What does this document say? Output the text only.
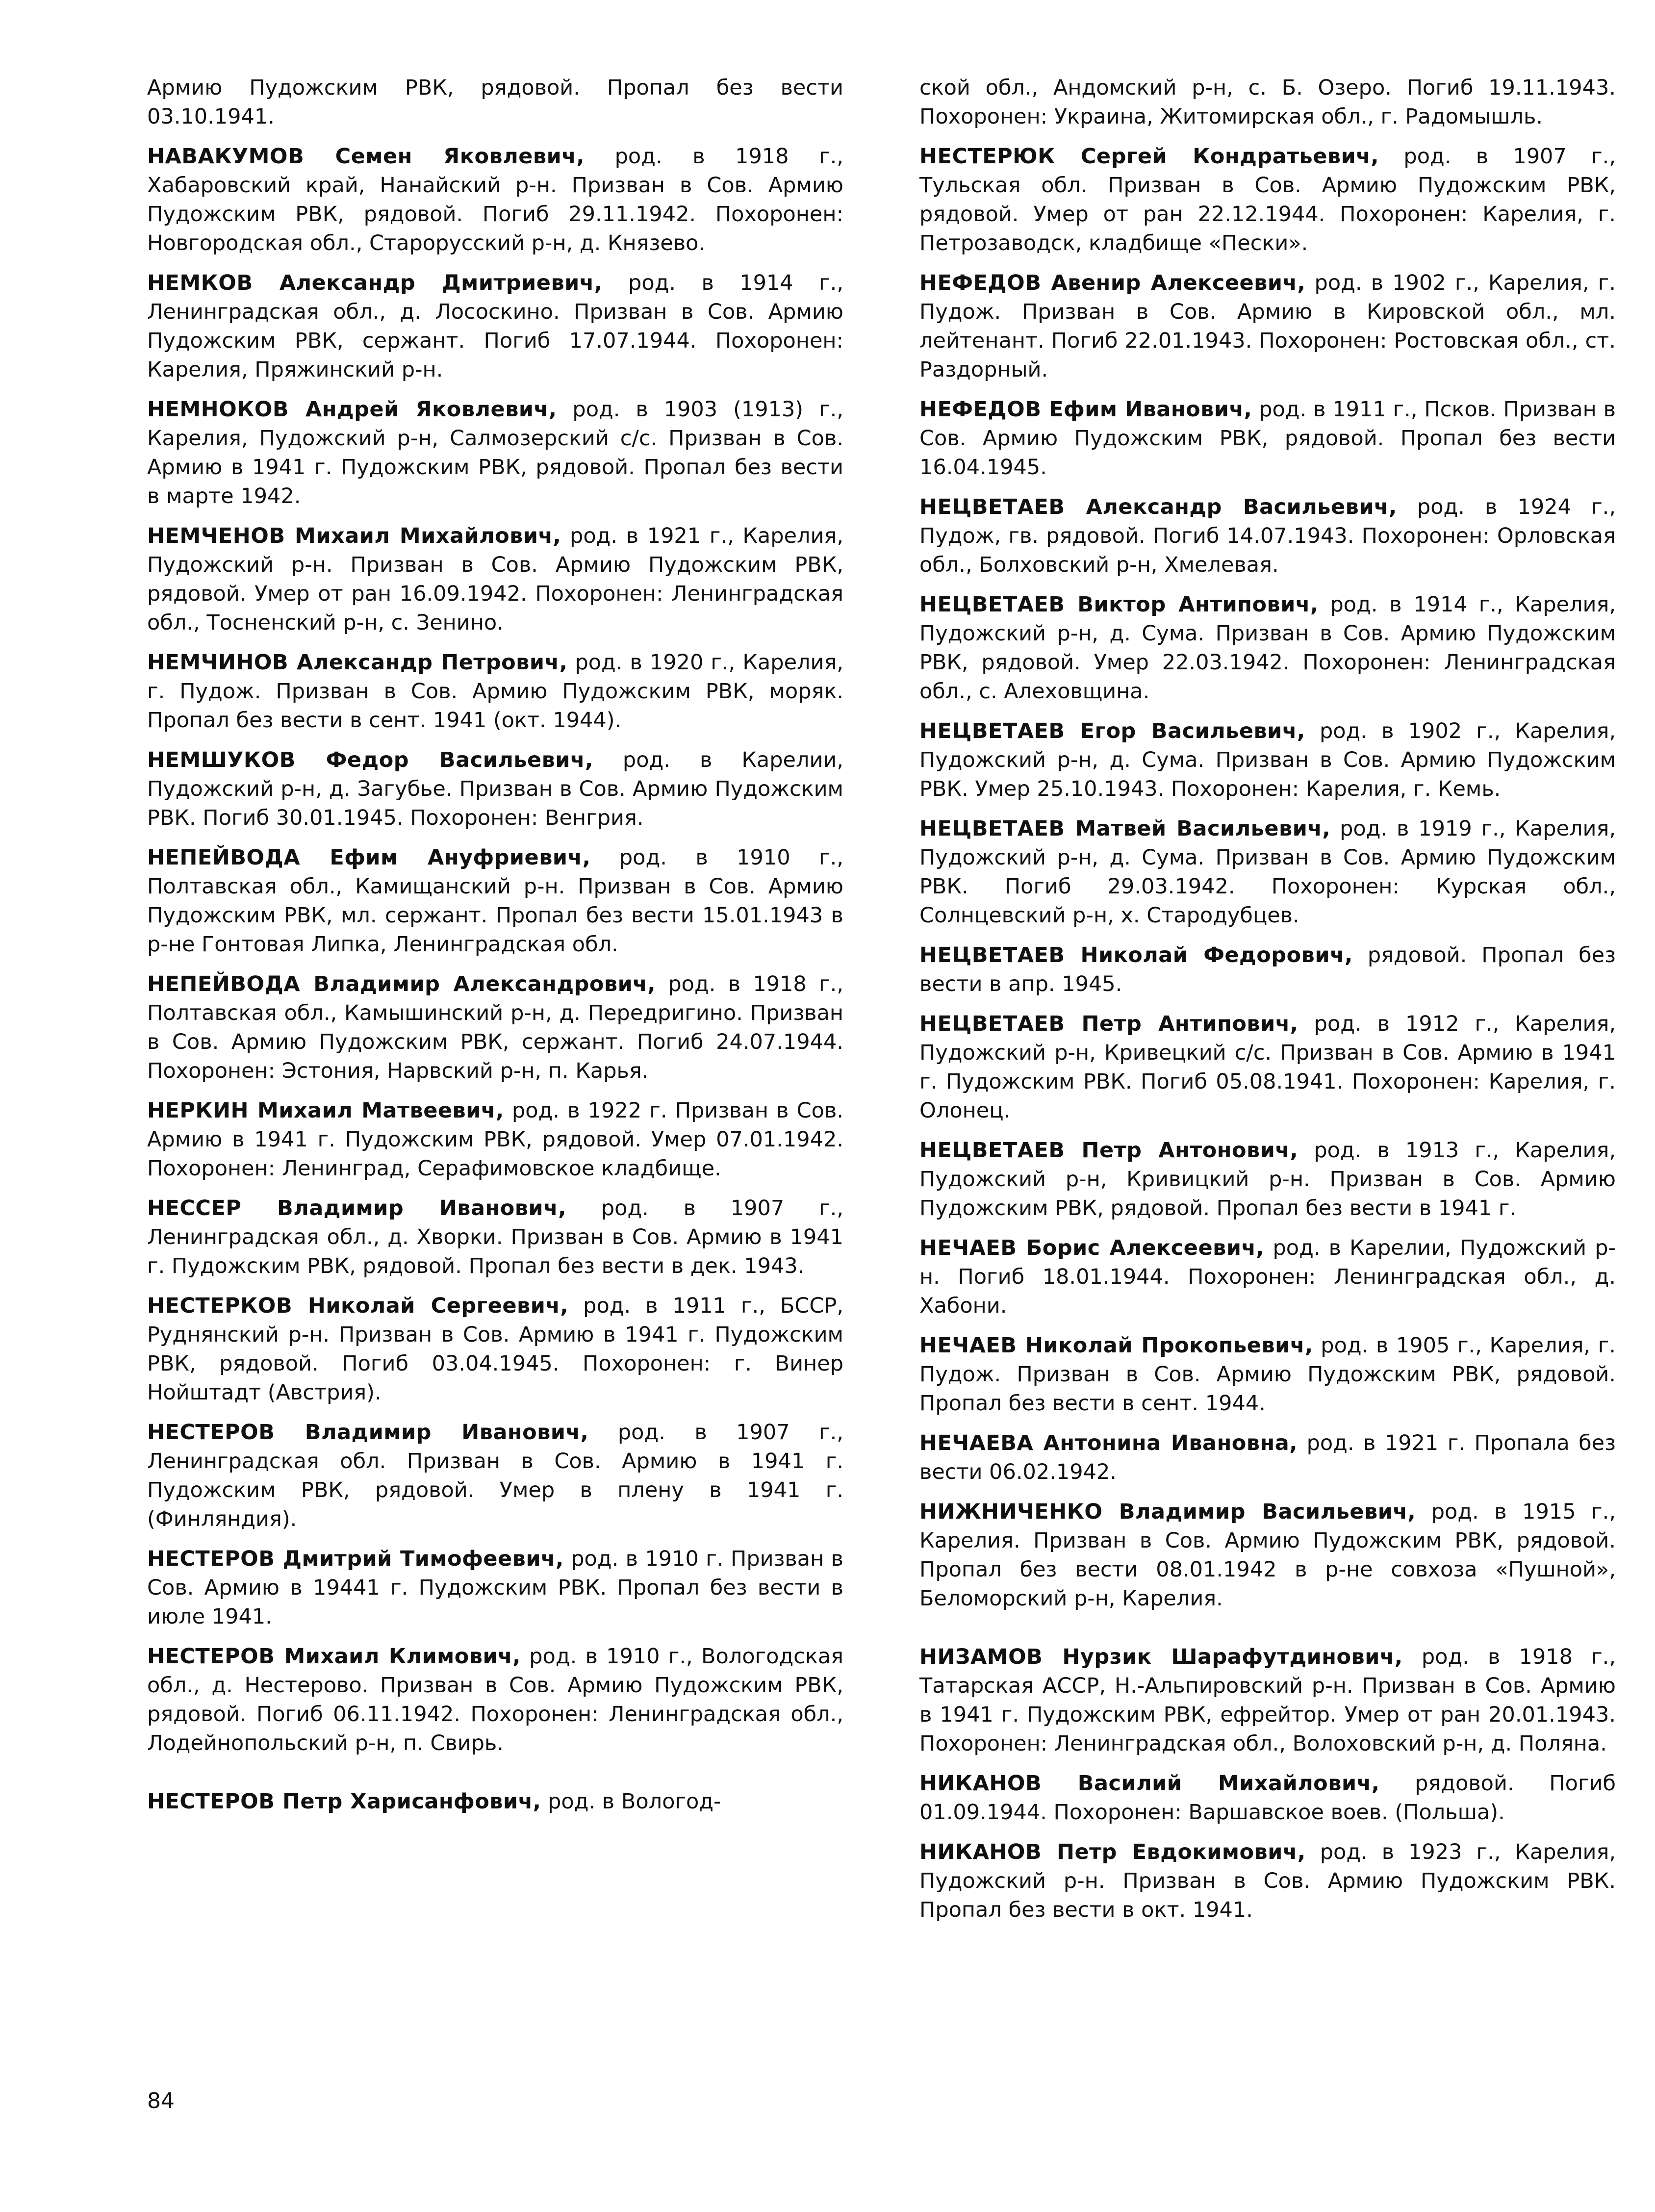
Армию Пудожским РВК, рядовой. Пропал без вести 03.10.1941.

НАВАКУМОВ Семен Яковлевич, род. в 1918 г., Хабаровский край, Нанайский р-н. Призван в Сов. Армию Пудожским РВК, рядовой. Погиб 29.11.1942. Похоронен: Новгородская обл., Старорусский р-н, д. Князево.

НЕМКОВ Александр Дмитриевич, род. в 1914 г., Ленинградская обл., д. Лососкино. Призван в Сов. Армию Пудожским РВК, сержант. Погиб 17.07.1944. Похоронен: Карелия, Пряжинский р-н.

НЕМНОКОВ Андрей Яковлевич, род. в 1903 (1913) г., Карелия, Пудожский р-н, Салмозерский с/с. Призван в Сов. Армию в 1941 г. Пудожским РВК, рядовой. Пропал без вести в марте 1942.

НЕМЧЕНОВ Михаил Михайлович, род. в 1921 г., Карелия, Пудожский р-н. Призван в Сов. Армию Пудожским РВК, рядовой. Умер от ран 16.09.1942. Похоронен: Ленинградская обл., Тосненский р-н, с. Зенино.

НЕМЧИНОВ Александр Петрович, род. в 1920 г., Карелия, г. Пудож. Призван в Сов. Армию Пудожским РВК, моряк. Пропал без вести в сент. 1941 (окт. 1944).

НЕМШУКОВ Федор Васильевич, род. в Карелии, Пудожский р-н, д. Загубье. Призван в Сов. Армию Пудожским РВК. Погиб 30.01.1945. Похоронен: Венгрия.

НЕПЕЙВОДА Ефим Ануфриевич, род. в 1910 г., Полтавская обл., Камищанский р-н. Призван в Сов. Армию Пудожским РВК, мл. сержант. Пропал без вести 15.01.1943 в р-не Гонтовая Липка, Ленинградская обл.

НЕПЕЙВОДА Владимир Александрович, род. в 1918 г., Полтавская обл., Камышинский р-н, д. Передригино. Призван в Сов. Армию Пудожским РВК, сержант. Погиб 24.07.1944. Похоронен: Эстония, Нарвский р-н, п. Карья.

НЕРКИН Михаил Матвеевич, род. в 1922 г. Призван в Сов. Армию в 1941 г. Пудожским РВК, рядовой. Умер 07.01.1942. Похоронен: Ленинград, Серафимовское кладбище.

НЕССЕР Владимир Иванович, род. в 1907 г., Ленинградская обл., д. Хворки. Призван в Сов. Армию в 1941 г. Пудожским РВК, рядовой. Пропал без вести в дек. 1943.

НЕСТЕРКОВ Николай Сергеевич, род. в 1911 г., БССР, Руднянский р-н. Призван в Сов. Армию в 1941 г. Пудожским РВК, рядовой. Погиб 03.04.1945. Похоронен: г. Винер Нойштадт (Австрия).

НЕСТЕРОВ Владимир Иванович, род. в 1907 г., Ленинградская обл. Призван в Сов. Армию в 1941 г. Пудожским РВК, рядовой. Умер в плену в 1941 г. (Финляндия).

НЕСТЕРОВ Дмитрий Тимофеевич, род. в 1910 г. Призван в Сов. Армию в 19441 г. Пудожским РВК. Пропал без вести в июле 1941.

НЕСТЕРОВ Михаил Климович, род. в 1910 г., Вологодская обл., д. Нестерово. Призван в Сов. Армию Пудожским РВК, рядовой. Погиб 06.11.1942. Похоронен: Ленинградская обл., Лодейнопольский р-н, п. Свирь.

НЕСТЕРОВ Петр Харисанфович, род. в Вологод-

ской обл., Андомский р-н, с. Б. Озеро. Погиб 19.11.1943. Похоронен: Украина, Житомирская обл., г. Радомышль.

НЕСТЕРЮК Сергей Кондратьевич, род. в 1907 г., Тульская обл. Призван в Сов. Армию Пудожским РВК, рядовой. Умер от ран 22.12.1944. Похоронен: Карелия, г. Петрозаводск, кладбище «Пески».

НЕФЕДОВ Авенир Алексеевич, род. в 1902 г., Карелия, г. Пудож. Призван в Сов. Армию в Кировской обл., мл. лейтенант. Погиб 22.01.1943. Похоронен: Ростовская обл., ст. Раздорный.

НЕФЕДОВ Ефим Иванович, род. в 1911 г., Псков. Призван в Сов. Армию Пудожским РВК, рядовой. Пропал без вести 16.04.1945.

НЕЦВЕТАЕВ Александр Васильевич, род. в 1924 г., Пудож, гв. рядовой. Погиб 14.07.1943. Похоронен: Орловская обл., Болховский р-н, Хмелевая.

НЕЦВЕТАЕВ Виктор Антипович, род. в 1914 г., Карелия, Пудожский р-н, д. Сума. Призван в Сов. Армию Пудожским РВК, рядовой. Умер 22.03.1942. Похоронен: Ленинградская обл., с. Алеховщина.

НЕЦВЕТАЕВ Егор Васильевич, род. в 1902 г., Карелия, Пудожский р-н, д. Сума. Призван в Сов. Армию Пудожским РВК. Умер 25.10.1943. Похоронен: Карелия, г. Кемь.

НЕЦВЕТАЕВ Матвей Васильевич, род. в 1919 г., Карелия, Пудожский р-н, д. Сума. Призван в Сов. Армию Пудожским РВК. Погиб 29.03.1942. Похоронен: Курская обл., Солнцевский р-н, х. Стародубцев.

НЕЦВЕТАЕВ Николай Федорович, рядовой. Пропал без вести в апр. 1945.

НЕЦВЕТАЕВ Петр Антипович, род. в 1912 г., Карелия, Пудожский р-н, Кривецкий с/с. Призван в Сов. Армию в 1941 г. Пудожским РВК. Погиб 05.08.1941. Похоронен: Карелия, г. Олонец.

НЕЦВЕТАЕВ Петр Антонович, род. в 1913 г., Карелия, Пудожский р-н, Кривицкий р-н. Призван в Сов. Армию Пудожским РВК, рядовой. Пропал без вести в 1941 г.

НЕЧАЕВ Борис Алексеевич, род. в Карелии, Пудожский р-н. Погиб 18.01.1944. Похоронен: Ленинградская обл., д. Хабони.

НЕЧАЕВ Николай Прокопьевич, род. в 1905 г., Карелия, г. Пудож. Призван в Сов. Армию Пудожским РВК, рядовой. Пропал без вести в сент. 1944.

НЕЧАЕВА Антонина Ивановна, род. в 1921 г. Пропала без вести 06.02.1942.

НИЖНИЧЕНКО Владимир Васильевич, род. в 1915 г., Карелия. Призван в Сов. Армию Пудожским РВК, рядовой. Пропал без вести 08.01.1942 в р-не совхоза «Пушной», Беломорский р-н, Карелия.

НИЗАМОВ Нурзик Шарафутдинович, род. в 1918 г., Татарская АССР, Н.-Альпировский р-н. Призван в Сов. Армию в 1941 г. Пудожским РВК, ефрейтор. Умер от ран 20.01.1943. Похоронен: Ленинградская обл., Волоховский р-н, д. Поляна.

НИКАНОВ Василий Михайлович, рядовой. Погиб 01.09.1944. Похоронен: Варшавское воев. (Польша).

НИКАНОВ Петр Евдокимович, род. в 1923 г., Карелия, Пудожский р-н. Призван в Сов. Армию Пудожским РВК. Пропал без вести в окт. 1941.

84
